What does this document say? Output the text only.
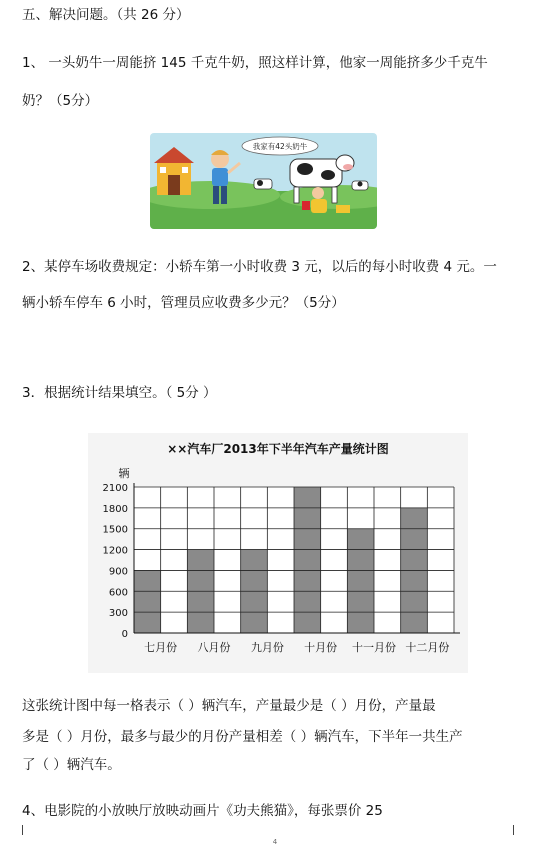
五、解决问题。（共 26 分）
1、 一头奶牛一周能挤 145 千克牛奶，照这样计算，他家一周能挤多少千克牛
奶？（5分）
我家有42头奶牛
2、某停车场收费规定：小轿车第一小时收费 3 元，以后的每小时收费 4 元。一
辆小轿车停车 6 小时，管理员应收费多少元？（5分）
3．根据统计结果填空。（ 5分 ）
××汽车厂2013年下半年汽车产量统计图
辆
0
300
600
900
1200
1500
1800
2100
七月份 八月份 九月份 十月份 十一月份 十二月份
这张统计图中每一格表示（ ）辆汽车，产量最少是（ ）月份，产量最
多是（ ）月份，最多与最少的月份产量相差（ ）辆汽车，下半年一共生产
了（ ）辆汽车。
4、电影院的小放映厅放映动画片《功夫熊猫》，每张票价 25
4
